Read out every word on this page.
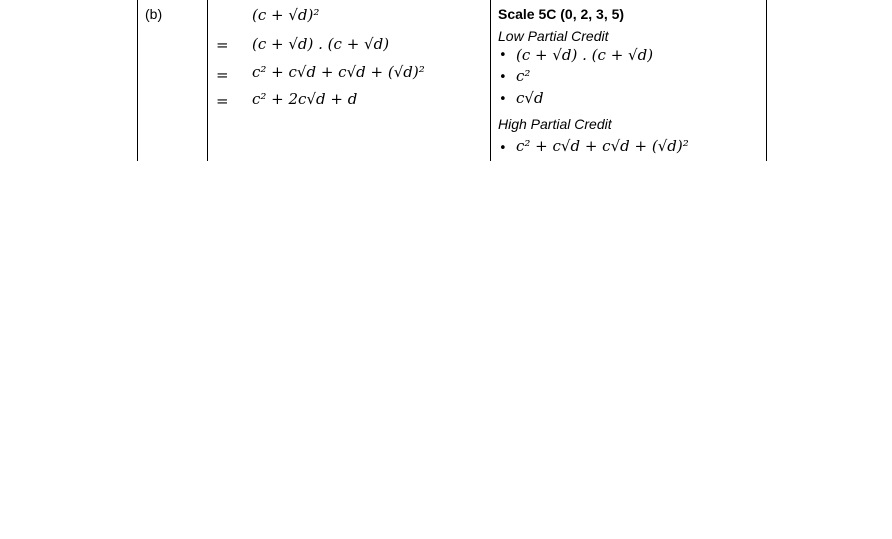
(b)	(c + √d)²
= (c + √d) . (c + √d)
= c² + c√d + c√d + (√d)²
= c² + 2c√d + d
Scale 5C (0, 2, 3, 5)
Low Partial Credit
• (c + √d) . (c + √d)
• c²
• c√d
High Partial Credit
• c² + c√d + c√d + (√d)²
